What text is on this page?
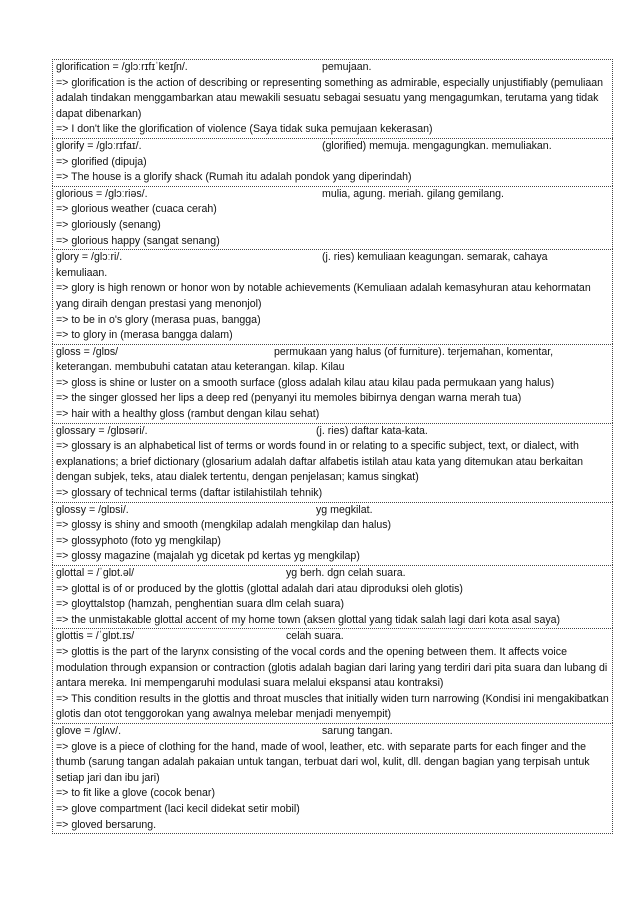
glorification = /ɡlɔːrɪfɪˈkeɪʃn/.	pemujaan.
=> glorification is the action of describing or representing something as admirable, especially unjustifiably (pemuliaan adalah tindakan menggambarkan atau mewakili sesuatu sebagai sesuatu yang mengagumkan, terutama yang tidak dapat dibenarkan)
=> I don't like the glorification of violence (Saya tidak suka pemujaan kekerasan)
glorify = /ɡlɔːrɪfaɪ/.	(glorified) memuja. mengagungkan. memuliakan.
=> glorified (dipuja)
=> The house is a glorify shack (Rumah itu adalah pondok yang diperindah)
glorious = /ɡlɔːriəs/.	mulia, agung. meriah. gilang gemilang.
=> glorious weather (cuaca cerah)
=> gloriously (senang)
=> glorious happy (sangat senang)
glory = /ɡlɔːri/.	(j. ries) kemuliaan keagungan. semarak, cahaya
kemuliaan.
=> glory is high renown or honor won by notable achievements (Kemuliaan adalah kemasyhuran atau kehormatan yang diraih dengan prestasi yang menonjol)
=> to be in o's glory (merasa puas, bangga)
=> to glory in (merasa bangga dalam)
gloss = /ɡlɒs/	permukaan yang halus (of furniture). terjemahan, komentar,
keterangan. membubuhi catatan atau keterangan. kilap. Kilau
=> gloss is shine or luster on a smooth surface (gloss adalah kilau atau kilau pada permukaan yang halus)
=> the singer glossed her lips a deep red (penyanyi itu memoles bibirnya dengan warna merah tua)
=> hair with a healthy gloss (rambut dengan kilau sehat)
glossary = /ɡlɒsəri/.	(j. ries) daftar kata-kata.
=> glossary is an alphabetical list of terms or words found in or relating to a specific subject, text, or dialect, with explanations; a brief dictionary (glosarium adalah daftar alfabetis istilah atau kata yang ditemukan atau berkaitan dengan subjek, teks, atau dialek tertentu, dengan penjelasan; kamus singkat)
=> glossary of technical terms (daftar istilahistilah tehnik)
glossy = /ɡlɒsi/.	yg megkilat.
=> glossy is shiny and smooth (mengkilap adalah mengkilap dan halus)
=> glossyphoto (foto yg mengkilap)
=> glossy magazine (majalah yg dicetak pd kertas yg mengkilap)
glottal = /ˈɡlɒt.əl/	yg berh. dgn celah suara.
=> glottal is of or produced by the glottis (glottal adalah dari atau diproduksi oleh glotis)
=> gloyttalstop (hamzah, penghentian suara dlm celah suara)
=> the unmistakable glottal accent of my home town (aksen glottal yang tidak salah lagi dari kota asal saya)
glottis = /ˈɡlɒt.ɪs/	celah suara.
=> glottis is the part of the larynx consisting of the vocal cords and the opening between them. It affects voice modulation through expansion or contraction (glotis adalah bagian dari laring yang terdiri dari pita suara dan lubang di antara mereka. Ini mempengaruhi modulasi suara melalui ekspansi atau kontraksi)
=> This condition results in the glottis and throat muscles that initially widen turn narrowing (Kondisi ini mengakibatkan glotis dan otot tenggorokan yang awalnya melebar menjadi menyempit)
glove = /ɡlʌv/.	sarung tangan.
=> glove is a piece of clothing for the hand, made of wool, leather, etc. with separate parts for each finger and the thumb (sarung tangan adalah pakaian untuk tangan, terbuat dari wol, kulit, dll. dengan bagian yang terpisah untuk setiap jari dan ibu jari)
=> to fit like a glove (cocok benar)
=> glove compartment (laci kecil didekat setir mobil)
=> gloved bersarung.
